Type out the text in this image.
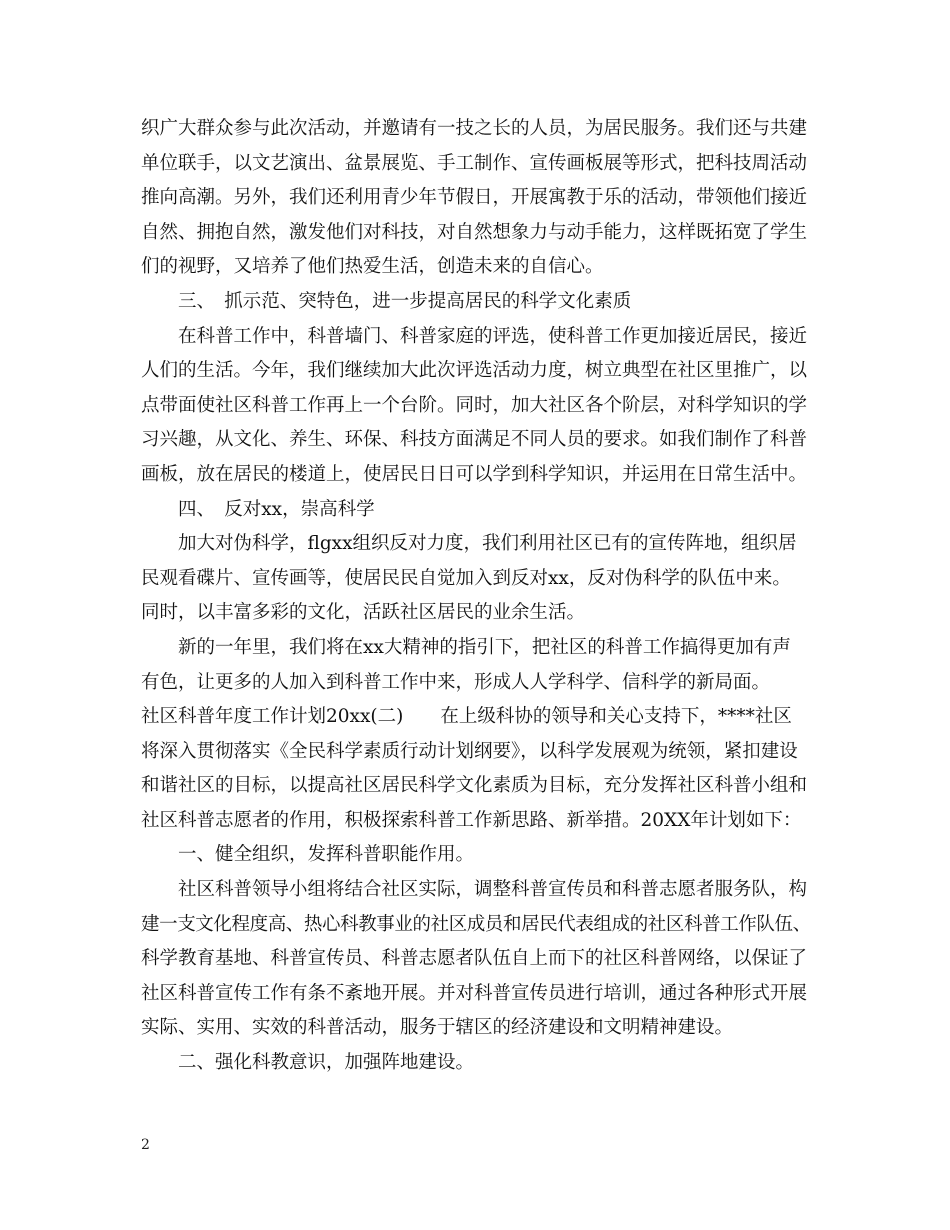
织广大群众参与此次活动，并邀请有一技之长的人员，为居民服务。我们还与共建
单位联手，以文艺演出、盆景展览、手工制作、宣传画板展等形式，把科技周活动
推向高潮。另外，我们还利用青少年节假日，开展寓教于乐的活动，带领他们接近
自然、拥抱自然，激发他们对科技，对自然想象力与动手能力，这样既拓宽了学生
们的视野，又培养了他们热爱生活，创造未来的自信心。
　　三、　抓示范、突特色，进一步提高居民的科学文化素质
　　在科普工作中，科普墙门、科普家庭的评选，使科普工作更加接近居民，接近
人们的生活。今年，我们继续加大此次评选活动力度，树立典型在社区里推广，以
点带面使社区科普工作再上一个台阶。同时，加大社区各个阶层，对科学知识的学
习兴趣，从文化、养生、环保、科技方面满足不同人员的要求。如我们制作了科普
画板，放在居民的楼道上，使居民日日可以学到科学知识，并运用在日常生活中。
　　四、　反对xx，崇高科学
　　加大对伪科学，flgxx组织反对力度，我们利用社区已有的宣传阵地，组织居
民观看碟片、宣传画等，使居民民自觉加入到反对xx，反对伪科学的队伍中来。
同时，以丰富多彩的文化，活跃社区居民的业余生活。
　　新的一年里，我们将在xx大精神的指引下，把社区的科普工作搞得更加有声
有色，让更多的人加入到科普工作中来，形成人人学科学、信科学的新局面。
社区科普年度工作计划20xx(二)　　在上级科协的领导和关心支持下，****社区
将深入贯彻落实《全民科学素质行动计划纲要》，以科学发展观为统领，紧扣建设
和谐社区的目标，以提高社区居民科学文化素质为目标，充分发挥社区科普小组和
社区科普志愿者的作用，积极探索科普工作新思路、新举措。20XX年计划如下：
　　一、健全组织，发挥科普职能作用。
　　社区科普领导小组将结合社区实际，调整科普宣传员和科普志愿者服务队，构
建一支文化程度高、热心科教事业的社区成员和居民代表组成的社区科普工作队伍、
科学教育基地、科普宣传员、科普志愿者队伍自上而下的社区科普网络，以保证了
社区科普宣传工作有条不紊地开展。并对科普宣传员进行培训，通过各种形式开展
实际、实用、实效的科普活动，服务于辖区的经济建设和文明精神建设。
　　二、强化科教意识，加强阵地建设。
2
